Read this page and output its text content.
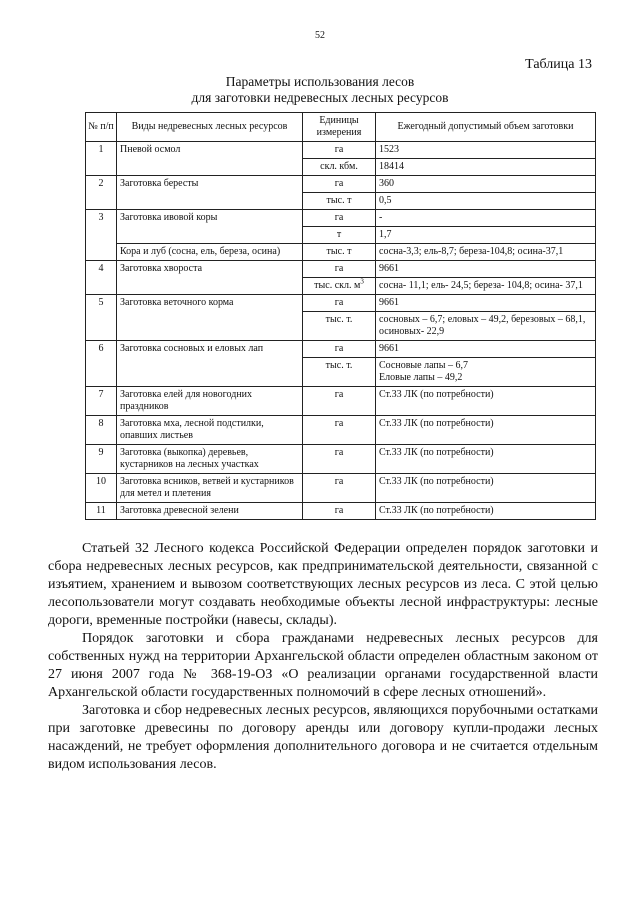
52
Таблица 13
Параметры использования лесов
для заготовки недревесных лесных ресурсов
№ п/п	Виды недревесных лесных ресурсов	Единицы измерения	Ежегодный допустимый объем заготовки
1	Пневой осмол	га	1523
		скл. кбм.	18414
2	Заготовка бересты	га	360
		тыс. т	0,5
3	Заготовка ивовой коры	га	-
		т	1,7
	Кора и луб (сосна, ель, береза, осина)	тыс. т	сосна-3,3; ель-8,7; береза-104,8; осина-37,1
4	Заготовка хвороста	га	9661
		тыс. скл. $м^3$	сосна- 11,1; ель- 24,5; береза- 104,8; осина- 37,1
5	Заготовка веточного корма	га	9661
		тыс. т.	сосновых – 6,7; еловых – 49,2, березовых – 68,1, осиновых- 22,9
6	Заготовка сосновых и еловых лап	га	9661
		тыс. т.	Сосновые лапы – 6,7
Еловые лапы – 49,2

7	Заготовка елей для новогодних праздников	га	Ст.33 ЛК (по потребности)
8	Заготовка мха, лесной подстилки, опавших листьев	га	Ст.33 ЛК (по потребности)
9	Заготовка (выкопка) деревьев, кустарников на лесных участках	га	Ст.33 ЛК (по потребности)
10	Заготовка всников, ветвей и кустарников для метел и плетения	га	Ст.33 ЛК (по потребности)
11	Заготовка древесной зелени	га	Ст.33 ЛК (по потребности)

Статьей 32 Лесного кодекса Российской Федерации определен порядок заготовки и сбора недревесных лесных ресурсов, как предпринимательской деятельности, связанной с изъятием, хранением и вывозом соответствующих лесных ресурсов из леса. С этой целью лесопользователи могут создавать необходимые объекты лесной инфраструктуры: лесные дороги, временные постройки (навесы, склады).

Порядок заготовки и сбора гражданами недревесных лесных ресурсов для собственных нужд на территории Архангельской области определен областным законом от 27 июня 2007 года № 368-19-ОЗ «О реализации органами государственной власти Архангельской области государственных полномочий в сфере лесных отношений».

Заготовка и сбор недревесных лесных ресурсов, являющихся порубочными остатками при заготовке древесины по договору аренды или договору купли-продажи лесных насаждений, не требует оформления дополнительного договора и не считается отдельным видом использования лесов.
